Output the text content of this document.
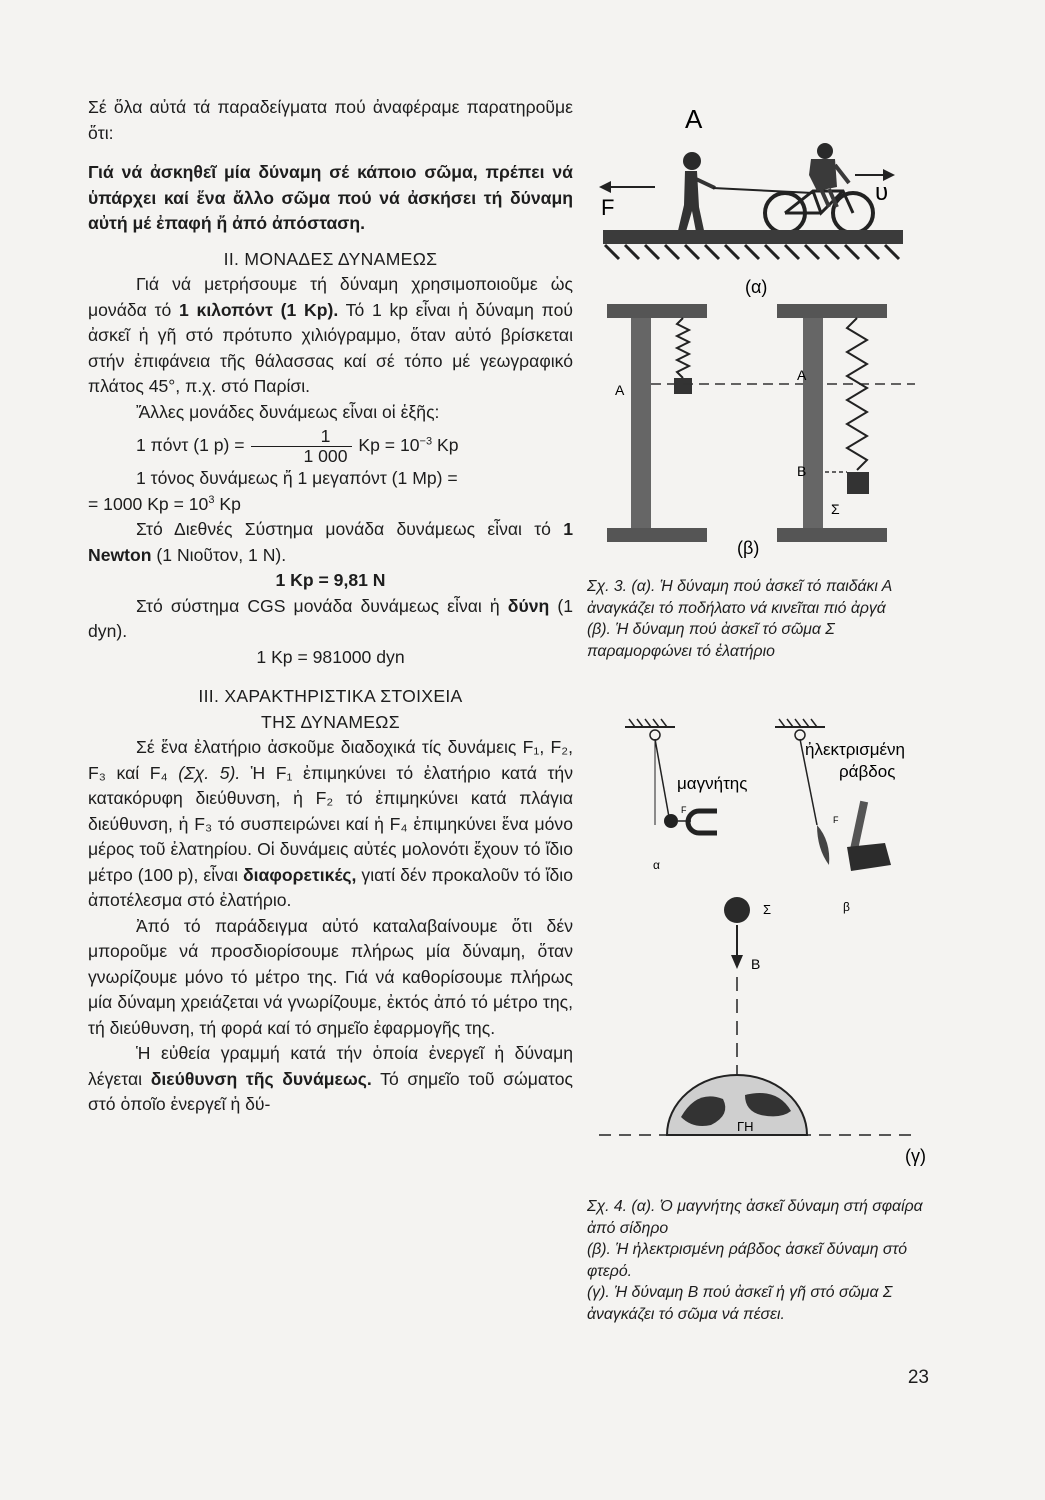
Σέ ὅλα αὐτά τά παραδείγματα πού ἀναφέραμε παρατηροῦμε ὅτι:

Γιά νά ἀσκηθεῖ μία δύναμη σέ κάποιο σῶμα, πρέπει νά ὑπάρχει καί ἕνα ἄλλο σῶμα πού νά ἀσκήσει τή δύναμη αὐτή μέ ἐπαφή ἤ ἀπό ἀπόσταση.

II. ΜΟΝΑΔΕΣ ΔΥΝΑΜΕΩΣ

Γιά νά μετρήσουμε τή δύναμη χρησιμοποιοῦμε ὡς μονάδα τό 1 κιλοπόντ (1 Kp). Τό 1 kp εἶναι ἡ δύναμη πού ἀσκεῖ ἡ γῆ στό πρότυπο χιλιόγραμμο, ὅταν αὐτό βρίσκεται στήν ἐπιφάνεια τῆς θάλασσας καί σέ τόπο μέ γεωγραφικό πλάτος 45°, π.χ. στό Παρίσι.

Ἄλλες μονάδες δυνάμεως εἶναι οἱ ἑξῆς:

1 πόντ (1 $p) = \frac{1}{1 000}$ $Kp = 10^{-3}$ Kp

1 τόνος δυνάμεως ἤ 1 μεγαπόντ (1 Mp) =

= 1000 $Kp = 10^3$ Kp

Στό Διεθνές Σύστημα μονάδα δυνάμεως εἶναι τό 1 Newton (1 Νιοῦτον, 1 N).

1 Kp = 9,81 N

Στό σύστημα CGS μονάδα δυνάμεως εἶναι ἡ δύνη (1 dyn).

1 Kp = 981000 dyn

III. ΧΑΡΑΚΤΗΡΙΣΤΙΚΑ ΣΤΟΙΧΕΙΑ

ΤΗΣ ΔΥΝΑΜΕΩΣ

Σέ ἕνα ἐλατήριο ἀσκοῦμε διαδοχικά τίς δυνάμεις F₁, F₂, F₃ καί F₄ (Σχ. 5). Ἡ F₁ ἐπιμηκύνει τό ἐλατήριο κατά τήν κατακόρυφη διεύθυνση, ἡ F₂ τό ἐπιμηκύνει κατά πλάγια διεύθυνση, ἡ F₃ τό συσπειρώνει καί ἡ F₄ ἐπιμηκύνει ἕνα μόνο μέρος τοῦ ἐλατηρίου. Οἱ δυνάμεις αὐτές μολονότι ἔχουν τό ἴδιο μέτρο (100 p), εἶναι διαφορετικές, γιατί δέν προκαλοῦν τό ἴδιο ἀποτέλεσμα στό ἐλατήριο.

Ἀπό τό παράδειγμα αὐτό καταλαβαίνουμε ὅτι δέν μποροῦμε νά προσδιορίσουμε πλήρως μία δύναμη, ὅταν γνωρίζουμε μόνο τό μέτρο της. Γιά νά καθορίσουμε πλήρως μία δύναμη χρειάζεται νά γνωρίζουμε, ἐκτός ἀπό τό μέτρο της, τή διεύθυνση, τή φορά καί τό σημεῖο ἐφαρμογῆς της.

Ἡ εὐθεία γραμμή κατά τήν ὁποία ἐνεργεῖ ἡ δύναμη λέγεται διεύθυνση τῆς δυνάμεως. Τό σημεῖο τοῦ σώματος στό ὁποῖο ἐνεργεῖ ἡ δύ-

A
F
υ
(α)
A
A
B
Σ
(β)
Σχ. 3. (α). Ἡ δύναμη πού ἀσκεῖ τό παιδάκι Α ἀναγκάζει τό ποδήλατο νά κινεῖται πιό ἀργά
(β). Ἡ δύναμη πού ἀσκεῖ τό σῶμα Σ παραμορφώνει τό ἐλατήριο
F
μαγνήτης
α
F
ἠλεκτρισμένη
ράβδος
β
Σ
B
ΓΗ
(γ)
Σχ. 4. (α). Ὁ μαγνήτης ἀσκεῖ δύναμη στή σφαίρα ἀπό σίδηρο
(β). Ἡ ἠλεκτρισμένη ράβδος ἀσκεῖ δύναμη στό φτερό.
(γ). Ἡ δύναμη Β πού ἀσκεῖ ἡ γῆ στό σῶμα Σ ἀναγκάζει τό σῶμα νά πέσει.
23
